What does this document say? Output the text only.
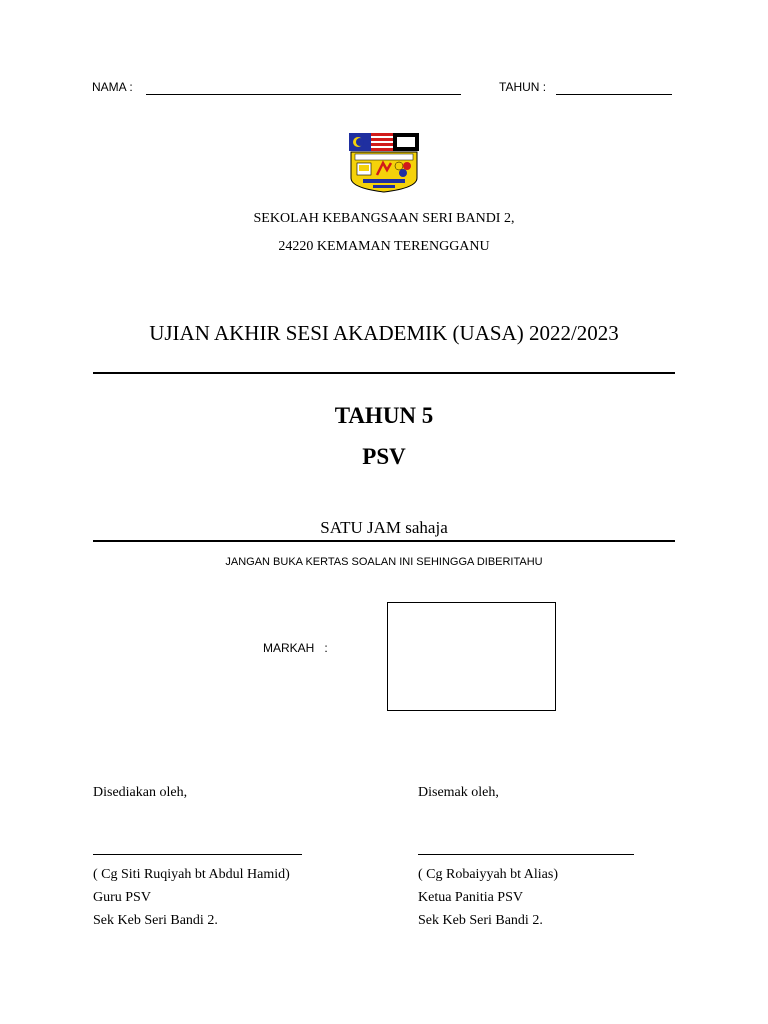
NAMA :	TAHUN :
SEKOLAH KEBANGSAAN SERI BANDI 2,
24220 KEMAMAN TERENGGANU
UJIAN AKHIR SESI AKADEMIK (UASA) 2022/2023
TAHUN 5
PSV
SATU JAM sahaja
JANGAN BUKA KERTAS SOALAN INI SEHINGGA DIBERITAHU
MARKAH   :
Disediakan oleh,
( Cg Siti Ruqiyah bt Abdul Hamid)
Guru PSV
Sek Keb Seri Bandi 2.
Disemak oleh,
( Cg Robaiyyah bt Alias)
Ketua Panitia PSV
Sek Keb Seri Bandi 2.
